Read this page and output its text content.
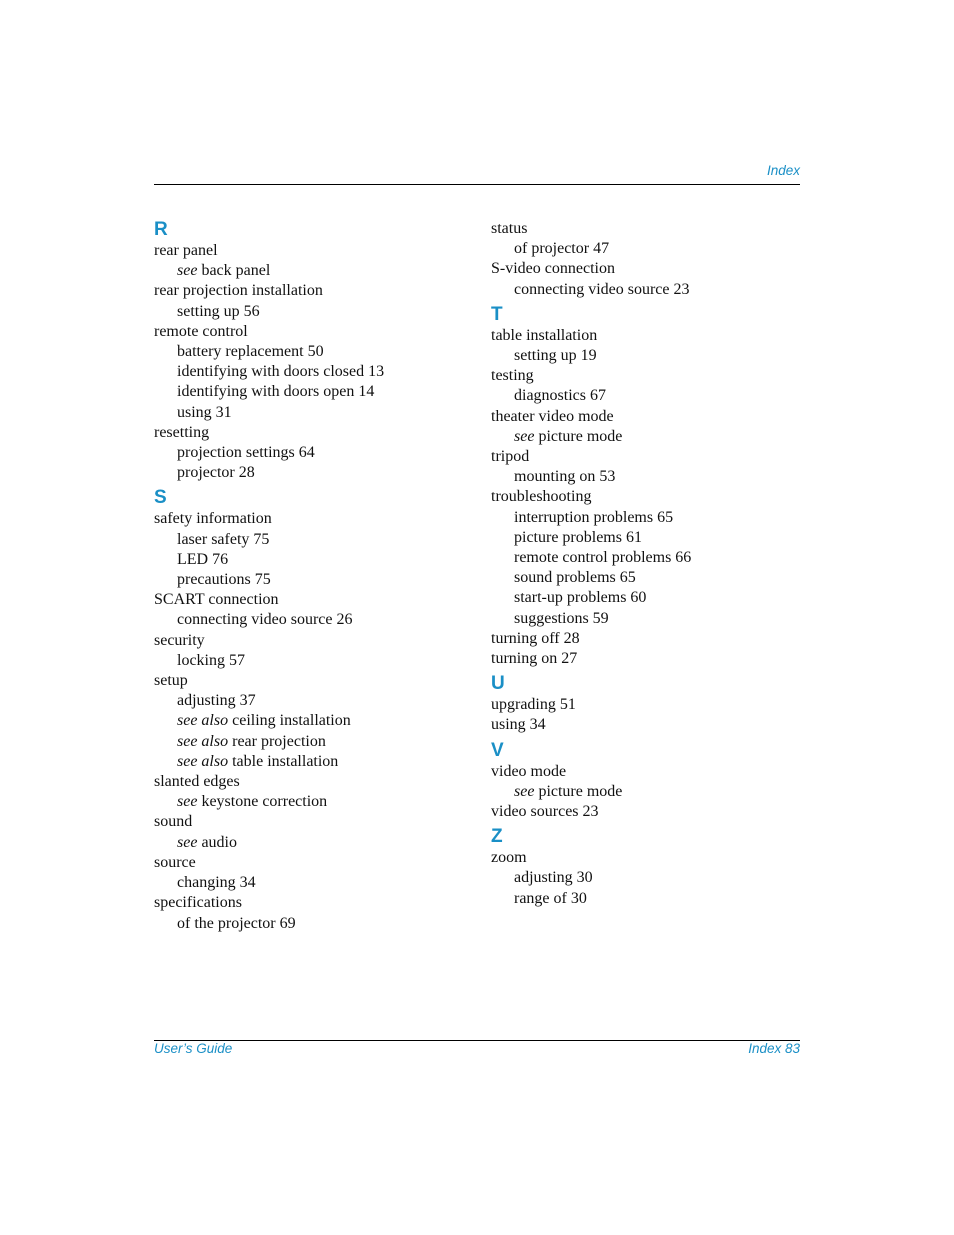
Index
R
rear panel
see back panel
rear projection installation
setting up 56
remote control
battery replacement 50
identifying with doors closed 13
identifying with doors open 14
using 31
resetting
projection settings 64
projector 28
S
safety information
laser safety 75
LED 76
precautions 75
SCART connection
connecting video source 26
security
locking 57
setup
adjusting 37
see also ceiling installation
see also rear projection
see also table installation
slanted edges
see keystone correction
sound
see audio
source
changing 34
specifications
of the projector 69
status
of projector 47
S-video connection
connecting video source 23
T
table installation
setting up 19
testing
diagnostics 67
theater video mode
see picture mode
tripod
mounting on 53
troubleshooting
interruption problems 65
picture problems 61
remote control problems 66
sound problems 65
start-up problems 60
suggestions 59
turning off 28
turning on 27
U
upgrading 51
using 34
V
video mode
see picture mode
video sources 23
Z
zoom
adjusting 30
range of 30
User’s Guide	Index 83
